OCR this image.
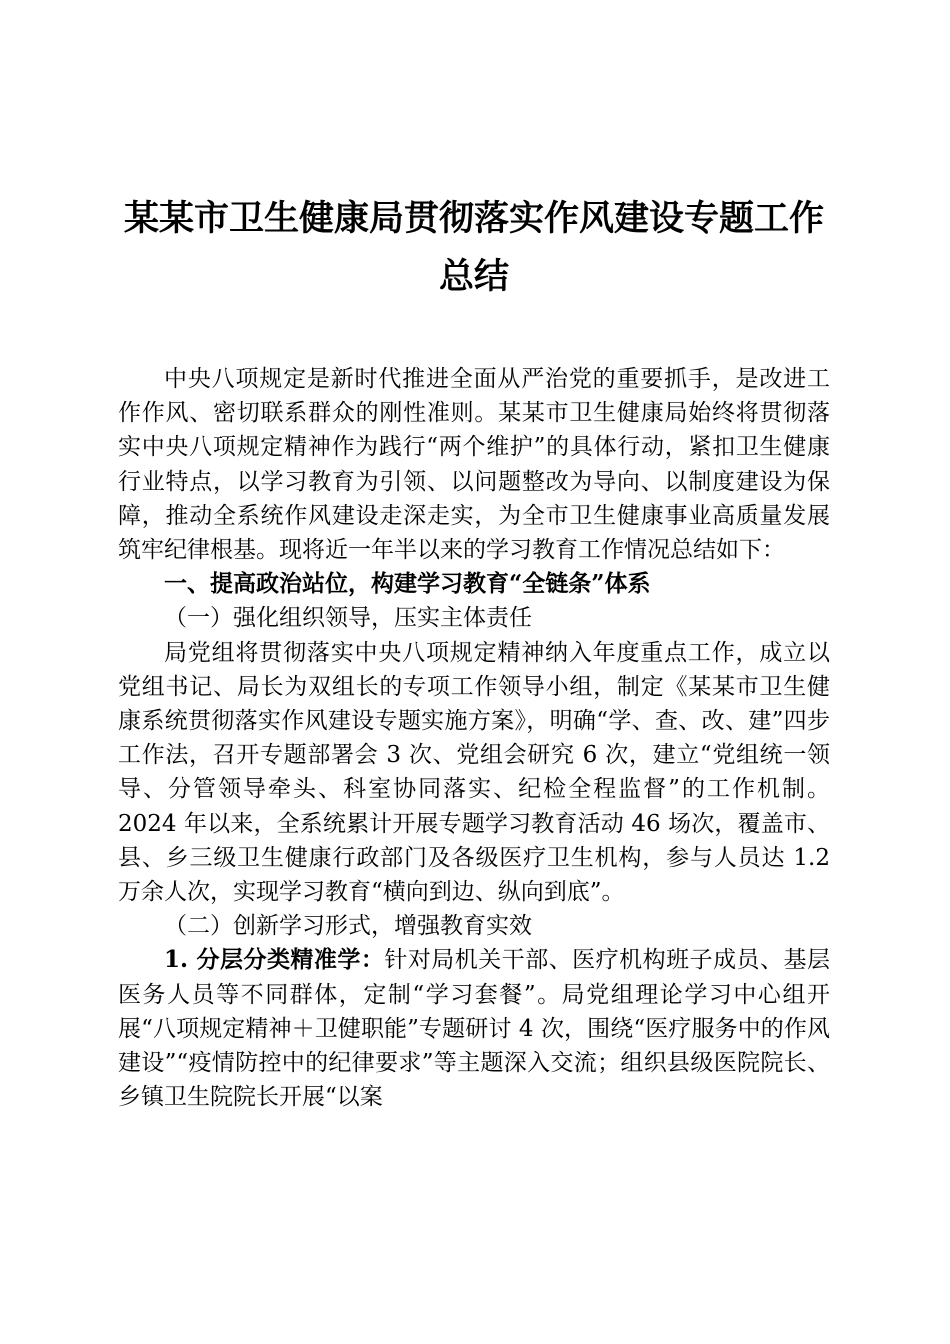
某某市卫生健康局贯彻落实作风建设专题工作
总结

中央八项规定是新时代推进全面从严治党的重要抓手，是改进工作作风、密切联系群众的刚性准则。某某市卫生健康局始终将贯彻落实中央八项规定精神作为践行“两个维护”的具体行动，紧扣卫生健康行业特点，以学习教育为引领、以问题整改为导向、以制度建设为保障，推动全系统作风建设走深走实，为全市卫生健康事业高质量发展筑牢纪律根基。现将近一年半以来的学习教育工作情况总结如下：

一、提高政治站位，构建学习教育“全链条”体系

（一）强化组织领导，压实主体责任

局党组将贯彻落实中央八项规定精神纳入年度重点工作，成立以党组书记、局长为双组长的专项工作领导小组，制定《某某市卫生健康系统贯彻落实作风建设专题实施方案》，明确“学、查、改、建”四步工作法，召开专题部署会 3 次、党组会研究 6 次，建立“党组统一领导、分管领导牵头、科室协同落实、纪检全程监督”的工作机制。2024 年以来，全系统累计开展专题学习教育活动 46 场次，覆盖市、县、乡三级卫生健康行政部门及各级医疗卫生机构，参与人员达 1.2 万余人次，实现学习教育“横向到边、纵向到底”。

（二）创新学习形式，增强教育实效

1. 分层分类精准学：针对局机关干部、医疗机构班子成员、基层医务人员等不同群体，定制“学习套餐”。局党组理论学习中心组开展“八项规定精神＋卫健职能”专题研讨 4 次，围绕“医疗服务中的作风建设”“疫情防控中的纪律要求”等主题深入交流；组织县级医院院长、乡镇卫生院院长开展“以案
